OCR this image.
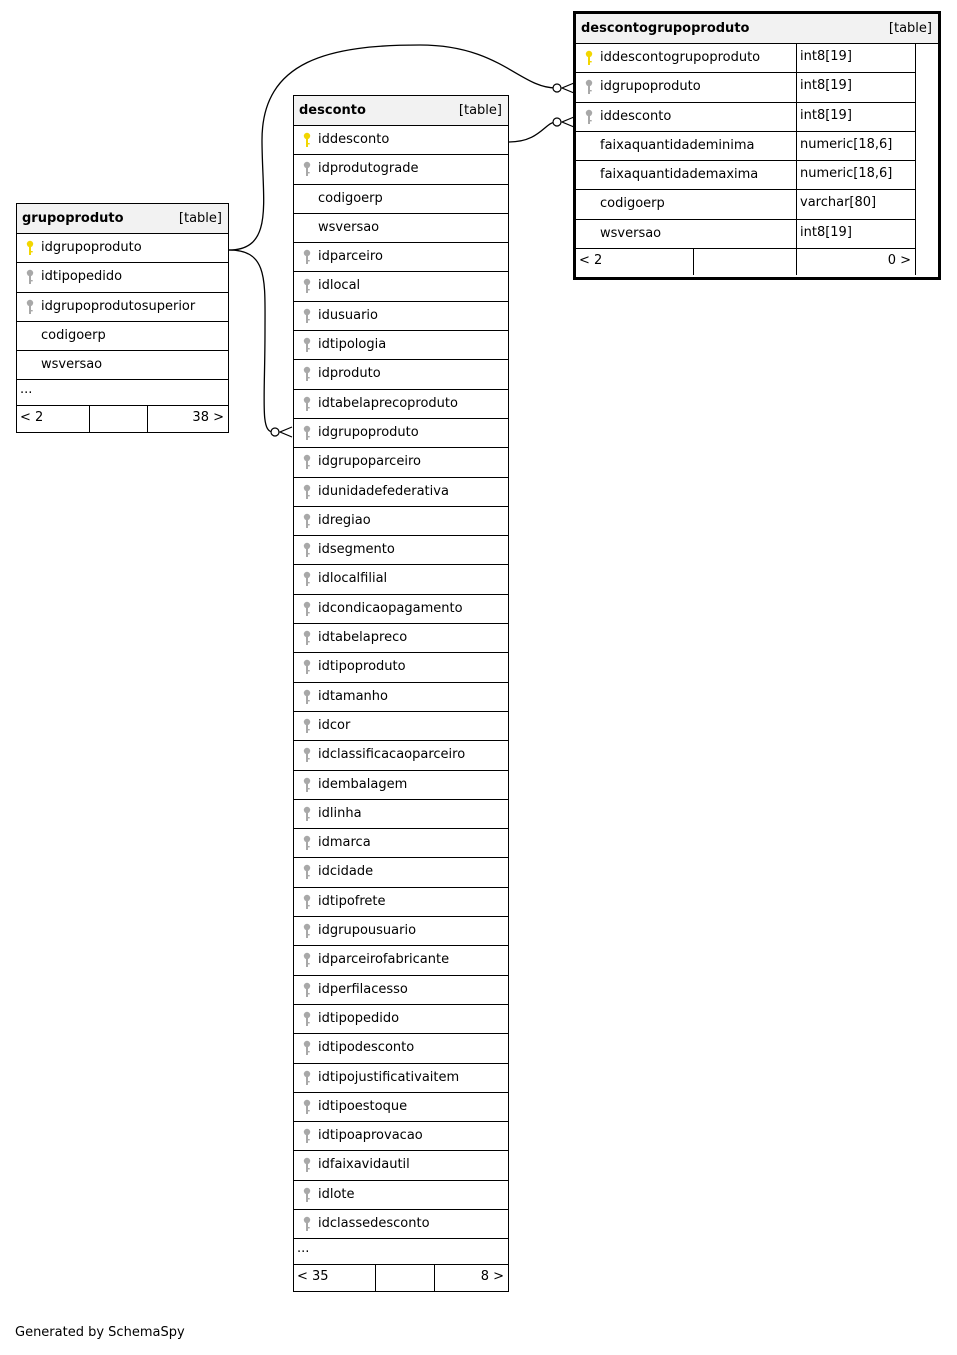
grupoproduto	[table]
idgrupoproduto
idtipopedido
idgrupoprodutosuperior
codigoerp
wsversao
...
< 2	38 >
desconto	[table]
iddesconto
idprodutograde
codigoerp
wsversao
idparceiro
idlocal
idusuario
idtipologia
idproduto
idtabelaprecoproduto
idgrupoproduto
idgrupoparceiro
idunidadefederativa
idregiao
idsegmento
idlocalfilial
idcondicaopagamento
idtabelapreco
idtipoproduto
idtamanho
idcor
idclassificacaoparceiro
idembalagem
idlinha
idmarca
idcidade
idtipofrete
idgrupousuario
idparceirofabricante
idperfilacesso
idtipopedido
idtipodesconto
idtipojustificativaitem
idtipoestoque
idtipoaprovacao
idfaixavidautil
idlote
idclassedesconto
...
< 35	8 >
descontogrupoproduto	[table]
iddescontogrupoproduto	int8[19]
idgrupoproduto	int8[19]
iddesconto	int8[19]
faixaquantidademinima	numeric[18,6]
faixaquantidademaxima	numeric[18,6]
codigoerp	varchar[80]
wsversao	int8[19]
< 2	0 >
Generated by SchemaSpy
